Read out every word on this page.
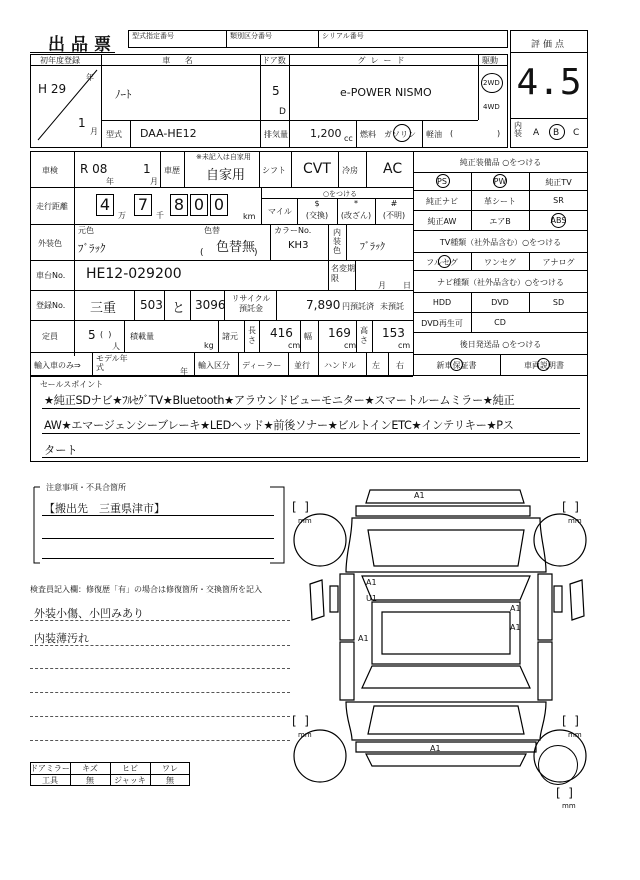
出品票 型式指定番号	類別区分番号	シリアル番号
評価点
4.5
内装 A B C
初年度登録	車 名	ドア数	グレード	駆動
H 29
年
1
月
ﾉｰﾄ	5
D
e-POWER NISMO
2WD
4WD
型式 DAA-HE12	排気量 1,200 cc 燃料 ガソリン 軽油 (	)
車検 R 08
年
1
月
車歴
※未記入は自家用
自家用 シフト CVT 冷房 AC
走行距離 4
万
7
千
8 0 0
km
○をつける
マイル
$
(交換)
*
(改ざん)
#
(不明)
外装色
元色
ﾌﾞﾗｯｸ
色替
色替無
(	)
カラーNo.
KH3
内装色 ﾌﾞﾗｯｸ
車台No. HE12-029200	名変期限
月 日
登録No. 三重 503 と 3096 リサイクル預託金	7,890 円預託済 未預託
定員	5 (  )
人
積載量
kg
諸元
長さ
416
cm
幅 169
cm
高さ
153
cm
輸入車のみ⇒
モデル年式	年
輸入区分 ディーラー 並行 ハンドル 左 右
純正装備品 ○をつける
PS	PW	純正TV
純正ナビ	革シート	SR
純正AW	エアB	ABS
TV種類（社外品含む）○をつける
フルセグ	ワンセグ	アナログ
ナビ種類（社外品含む）○をつける
HDD	DVD	SD
DVD再生可	CD
後日発送品 ○をつける
新車保証書	車両説明書
セールスポイント
★純正SDナビ★ﾌﾙｾｸﾞTV★Bluetooth★アラウンドビューモニター★スマートルームミラー★純正
AW★エマージェンシーブレーキ★LEDヘッド★前後ソナー★ビルトインETC★インテリキー★Pス
タート
注意事項・不具合箇所
【搬出先　三重県津市】
検査員記入欄：修復歴「有」の場合は修復箇所・交換箇所を記入
外装小傷、小凹みあり
内装薄汚れ
ドアミラー	キズ	ヒビ	ワレ
工具	無	ジャッキ	無
[  ]
mm
[  ]
mm
[  ]
mm
[  ]
mm
[  ]
mm
A1
A1
U1
A1
A1
A1
A1
